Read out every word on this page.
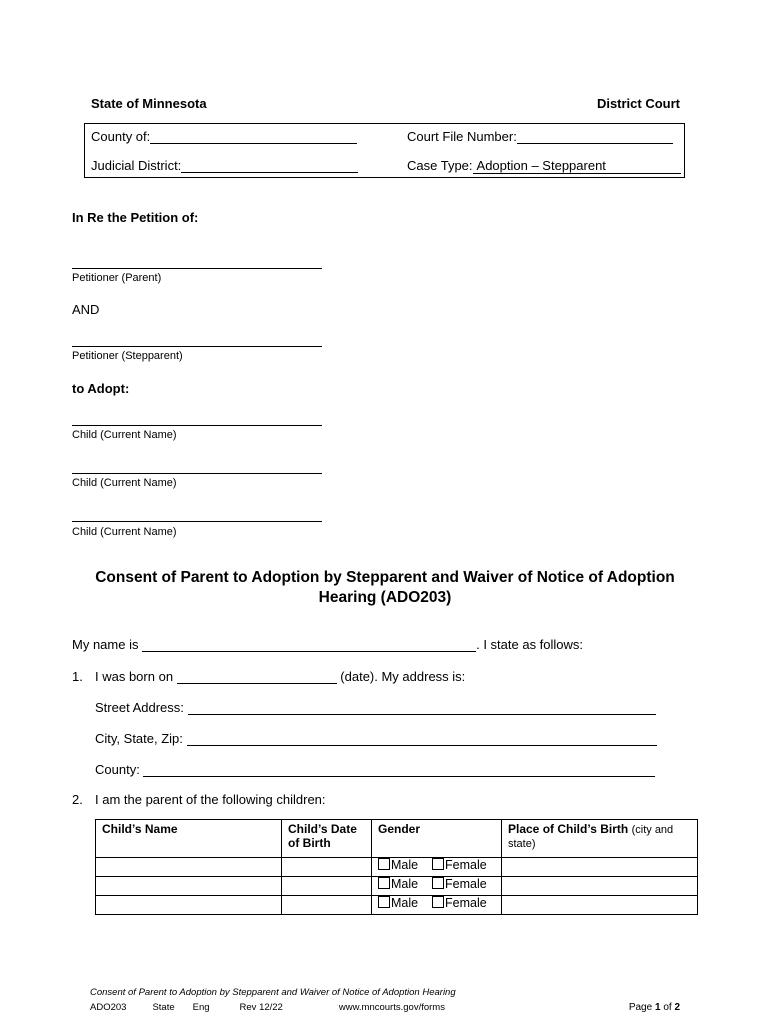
State of Minnesota	District Court
County of:	Court File Number:
Judicial District:	Case Type: Adoption – Stepparent
In Re the Petition of:
Petitioner (Parent)
AND
Petitioner (Stepparent)
to Adopt:
Child (Current Name)
Child (Current Name)
Child (Current Name)
Consent of Parent to Adoption by Stepparent and Waiver of Notice of Adoption
Hearing (ADO203)
My name is	. I state as follows:
1. I was born on	(date). My address is:
Street Address:
City, State, Zip:
County:
2. I am the parent of the following children:
Child’s Name	Child’s Date of Birth	Gender	Place of Child’s Birth (city and state)
		Male Female	
		Male Female	
		Male Female	
Consent of Parent to Adoption by Stepparent and Waiver of Notice of Adoption Hearing
ADO203	State Eng	Rev 12/22	www.mncourts.gov/forms	Page 1 of 2
